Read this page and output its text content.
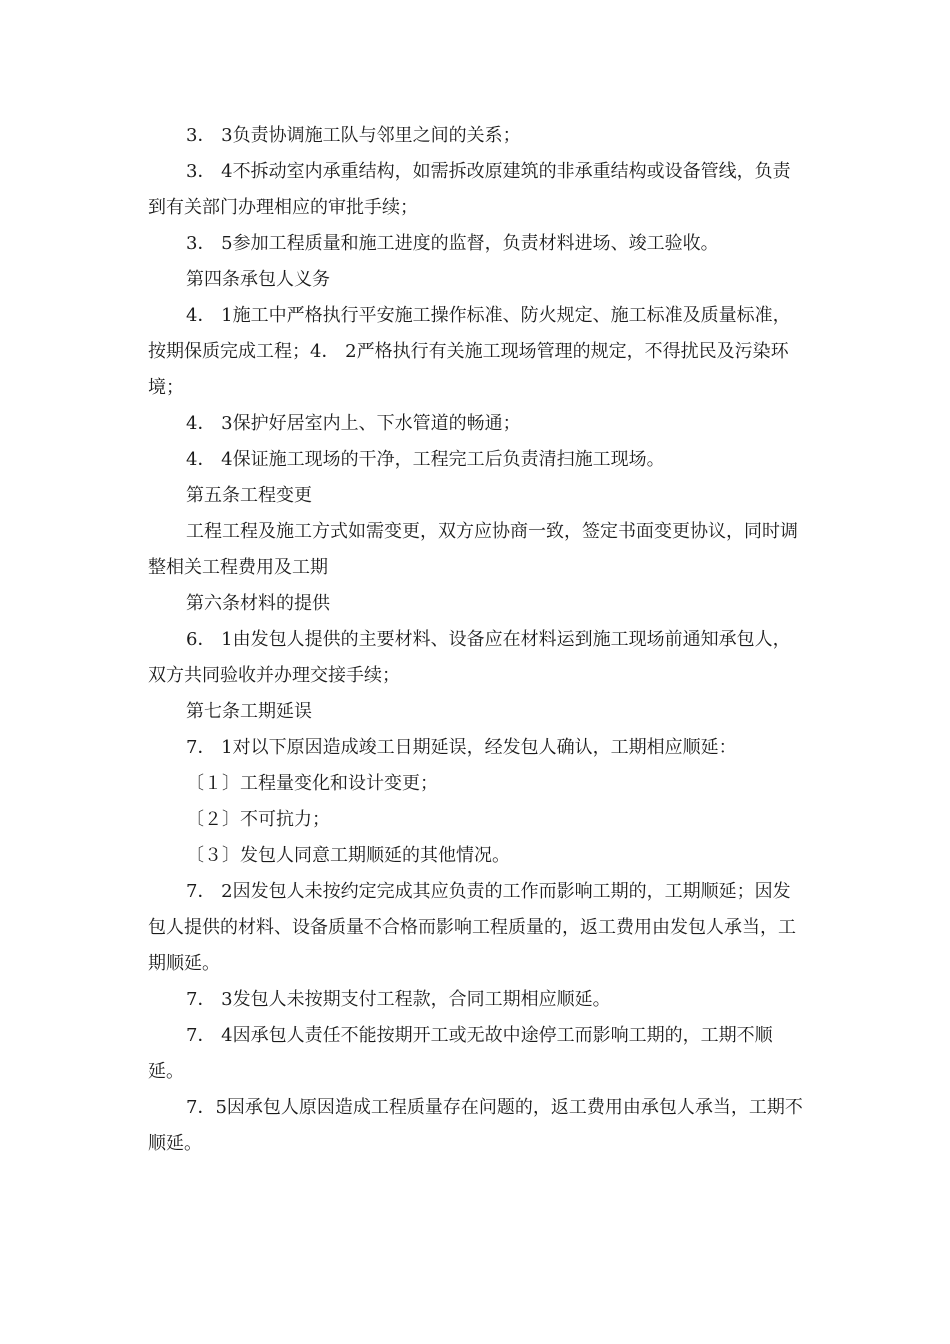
3． 3负责协调施工队与邻里之间的关系；

3． 4不拆动室内承重结构，如需拆改原建筑的非承重结构或设备管线，负责到有关部门办理相应的审批手续；

3． 5参加工程质量和施工进度的监督，负责材料进场、竣工验收。

第四条承包人义务

4． 1施工中严格执行平安施工操作标准、防火规定、施工标准及质量标准，按期保质完成工程；4． 2严格执行有关施工现场管理的规定，不得扰民及污染环境；

4． 3保护好居室内上、下水管道的畅通；

4． 4保证施工现场的干净，工程完工后负责清扫施工现场。

第五条工程变更

工程工程及施工方式如需变更，双方应协商一致，签定书面变更协议，同时调整相关工程费用及工期

第六条材料的提供

6． 1由发包人提供的主要材料、设备应在材料运到施工现场前通知承包人，双方共同验收并办理交接手续；

第七条工期延误

7． 1对以下原因造成竣工日期延误，经发包人确认，工期相应顺延：

〔１〕工程量变化和设计变更；

〔２〕不可抗力；

〔３〕发包人同意工期顺延的其他情况。

7． 2因发包人未按约定完成其应负责的工作而影响工期的，工期顺延；因发包人提供的材料、设备质量不合格而影响工程质量的，返工费用由发包人承当，工期顺延。

7． 3发包人未按期支付工程款，合同工期相应顺延。

7． 4因承包人责任不能按期开工或无故中途停工而影响工期的，工期不顺延。

7．5因承包人原因造成工程质量存在问题的，返工费用由承包人承当，工期不顺延。
